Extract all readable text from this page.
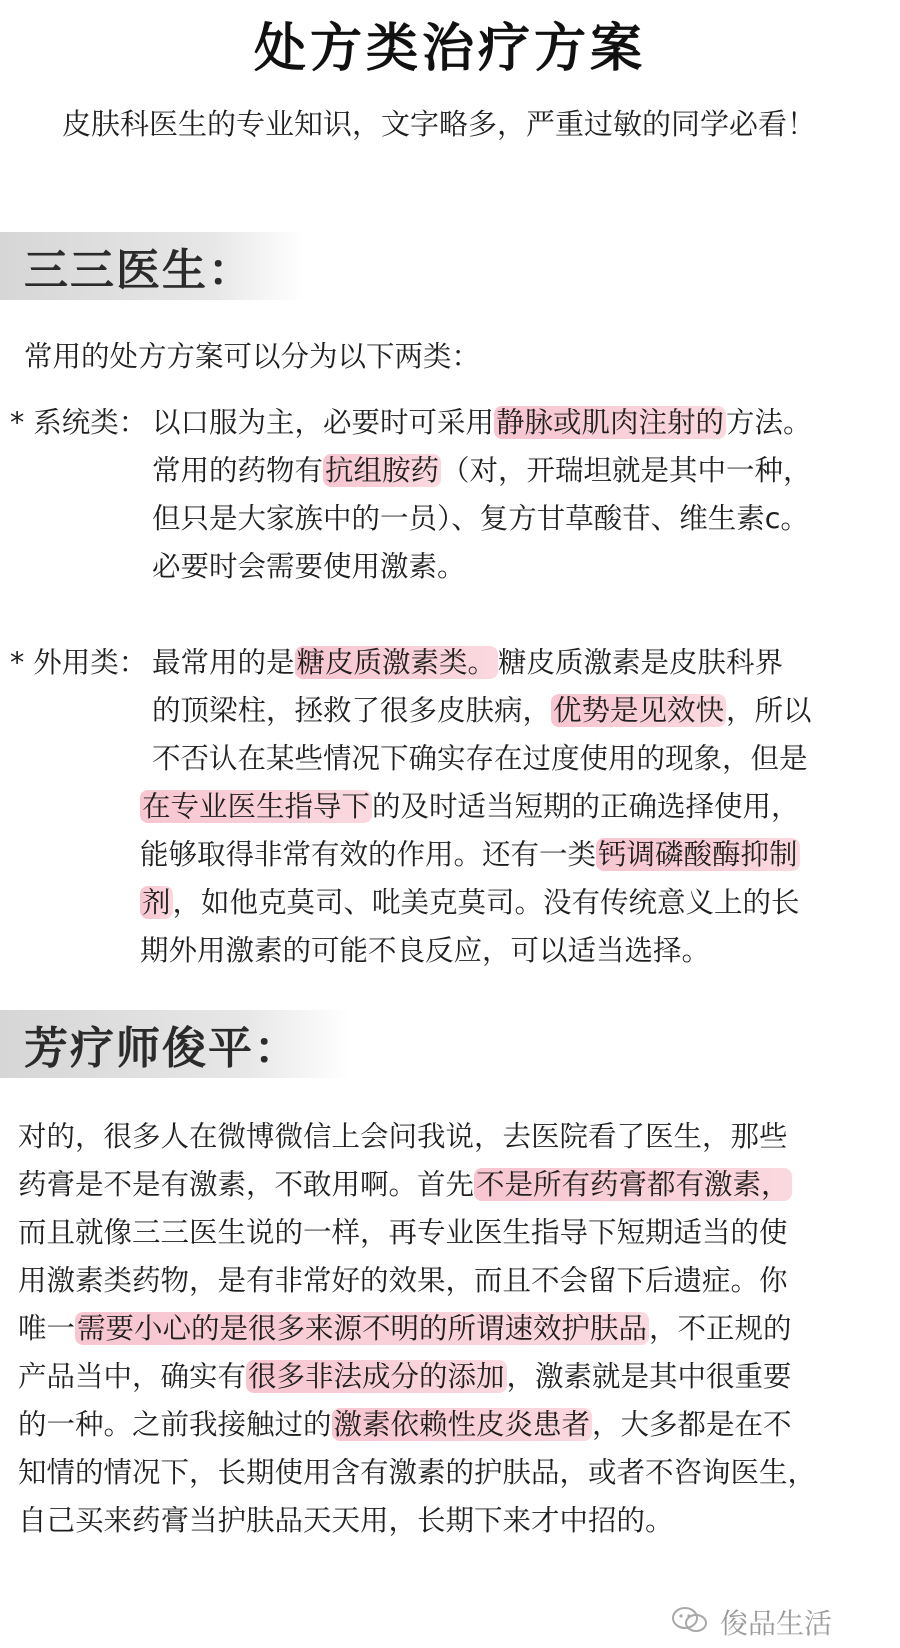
处方类治疗方案
皮肤科医生的专业知识，文字略多，严重过敏的同学必看！
三三医生：
常用的处方方案可以分为以下两类：
* 系统类： 以口服为主，必要时可采用静脉或肌肉注射的方法。
常用的药物有抗组胺药（对，开瑞坦就是其中一种，
但只是大家族中的一员）、复方甘草酸苷、维生素c。
必要时会需要使用激素。
* 外用类： 最常用的是糖皮质激素类。糖皮质激素是皮肤科界
的顶梁柱，拯救了很多皮肤病，优势是见效快，所以
不否认在某些情况下确实存在过度使用的现象，但是
在专业医生指导下的及时适当短期的正确选择使用，
能够取得非常有效的作用。还有一类钙调磷酸酶抑制
剂，如他克莫司、吡美克莫司。没有传统意义上的长
期外用激素的可能不良反应，可以适当选择。
芳疗师俊平：
对的，很多人在微博微信上会问我说，去医院看了医生，那些
药膏是不是有激素，不敢用啊。首先不是所有药膏都有激素，
而且就像三三医生说的一样，再专业医生指导下短期适当的使
用激素类药物，是有非常好的效果，而且不会留下后遗症。你
唯一需要小心的是很多来源不明的所谓速效护肤品，不正规的
产品当中，确实有很多非法成分的添加，激素就是其中很重要
的一种。之前我接触过的激素依赖性皮炎患者，大多都是在不
知情的情况下，长期使用含有激素的护肤品，或者不咨询医生，
自己买来药膏当护肤品天天用，长期下来才中招的。
俊品生活
